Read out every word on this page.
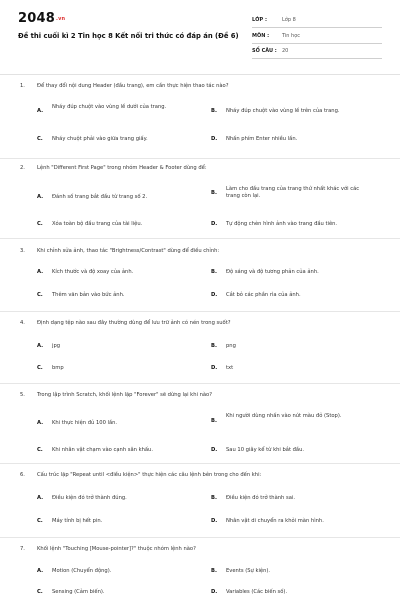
2048.vn
Đề thi cuối kì 2 Tin học 8 Kết nối tri thức có đáp án (Đề 6)
LỚP :	Lớp 8
MÔN :	Tin học
SỐ CÂU : 20
1. Để thay đổi nội dung Header (đầu trang), em cần thực hiện thao tác nào?
A.
Nháy đúp chuột vào vùng lề dưới của trang.
B. Nháy đúp chuột vào vùng lề trên của trang.
C. Nháy chuột phải vào giữa trang giấy.	D. Nhấn phím Enter nhiều lần.
2. Lệnh "Different First Page" trong nhóm Header & Footer dùng để:
A. Đánh số trang bắt đầu từ trang số 2.
B.
Làm cho đầu trang của trang thứ nhất khác với các trang còn lại.
C. Xóa toàn bộ đầu trang của tài liệu.	D. Tự động chèn hình ảnh vào trang đầu tiên.
3. Khi chỉnh sửa ảnh, thao tác "Brightness/Contrast" dùng để điều chỉnh:
A. Kích thước và độ xoay của ảnh.	B. Độ sáng và độ tương phản của ảnh.
C. Thêm văn bản vào bức ảnh.	D. Cắt bỏ các phần rìa của ảnh.
4. Định dạng tệp nào sau đây thường dùng để lưu trữ ảnh có nén trong suốt?
A. jpg	B. png
C. bmp	D. txt
5. Trong lập trình Scratch, khối lệnh lặp "Forever" sẽ dừng lại khi nào?
A. Khi thực hiện đủ 100 lần.	B.
Khi người dùng nhấn vào nút màu đỏ (Stop).
C. Khi nhân vật chạm vào cạnh sân khấu.	D. Sau 10 giây kể từ khi bắt đầu.
6. Cấu trúc lặp "Repeat until <điều kiện>" thực hiện các câu lệnh bên trong cho đến khi:
A. Điều kiện đó trở thành đúng.	B. Điều kiện đó trở thành sai.
C. Máy tính bị hết pin.	D. Nhân vật di chuyển ra khỏi màn hình.
7. Khối lệnh "Touching [Mouse-pointer]?" thuộc nhóm lệnh nào?
A. Motion (Chuyển động).	B. Events (Sự kiện).
C. Sensing (Cảm biến).	D. Variables (Các biến số).
